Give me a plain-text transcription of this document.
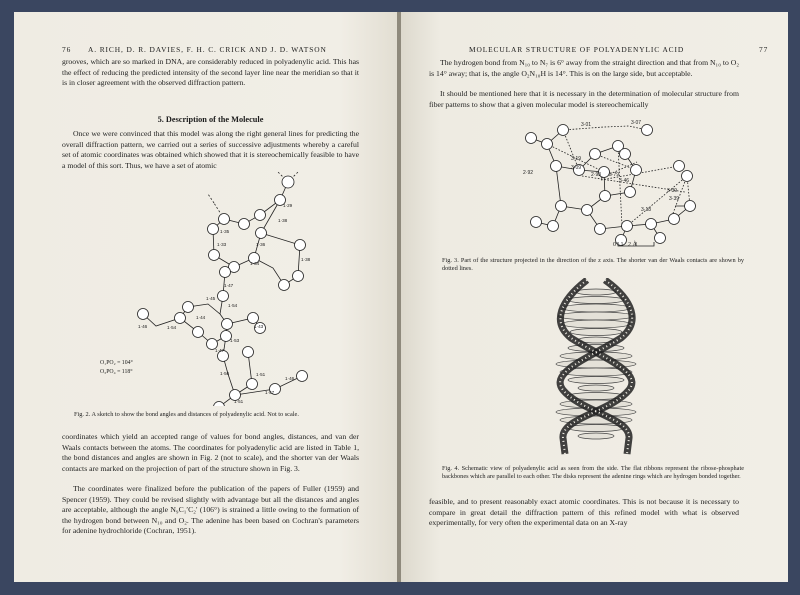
76 A. RICH, D. R. DAVIES, F. H. C. CRICK AND J. D. WATSON
grooves, which are so marked in DNA, are considerably reduced in polyadenylic acid. This has the effect of reducing the predicted intensity of the second layer line near the meridian so that it is in closer agreement with the observed diffraction pattern.
5. Description of the Molecule
Once we were convinced that this model was along the right general lines for predicting the overall diffraction pattern, we carried out a series of successive adjustments whereby a careful set of atomic coordinates was obtained which showed that it is stereochemically feasible to have a model of this sort. Thus, we have a set of atomic
1·29
1·38
1·38
1·35
1·33	1·36
1·34
1·47
1·54
1·45
1·54
1·44
1·43
1·53
1·47
1·56	1·51
1·57
1·46
1·51
1·46
O₁PO₂ = 104°
O₃PO₄ = 118°
Fig. 2. A sketch to show the bond angles and distances of polyadenylic acid. Not to scale.
coordinates which yield an accepted range of values for bond angles, distances, and van der Waals contacts between the atoms. The coordinates for polyadenylic acid are listed in Table 1, the bond distances and angles are shown in Fig. 2 (not to scale), and the shorter van der Waals contacts are marked on the projection of part of the structure shown in Fig. 3.
The coordinates were finalized before the publication of the papers of Fuller (1959) and Spencer (1959). They could be revised slightly with advantage but all the distances and angles are acceptable, although the angle N₉C₁′C₂′ (106°) is strained a little owing to the formation of the hydrogen bond between N₁₀ and O₂. The adenine has been based on Cochran's parameters for adenine hydrochloride (Cochran, 1951).
MOLECULAR STRUCTURE OF POLYADENYLIC ACID	77
The hydrogen bond from N₁₀ to N₇ is 6° away from the straight direction and that from N₁₀ to O₂ is 14° away; that is, the angle O₂N₁₀H is 14°. This is on the large side, but acceptable.
It should be mentioned here that it is necessary in the determination of molecular structure from fiber patterns to show that a given molecular model is stereochemically
3·01	3·07
3·19
3·09
2·92	2·93 3·79
3·46
3·39
3·39
3·18
0   1   2 Å
Fig. 3. Part of the structure projected in the direction of the z axis. The shorter van der Waals contacts are shown by dotted lines.
Fig. 4. Schematic view of polyadenylic acid as seen from the side. The flat ribbons represent the ribose-phosphate backbones which are parallel to each other. The disks represent the adenine rings which are hydrogen bonded together.
feasible, and to present reasonably exact atomic coordinates. This is not because it is necessary to compare in great detail the diffraction pattern of this refined model with what is observed experimentally, for very often the experimental data on an X-ray
